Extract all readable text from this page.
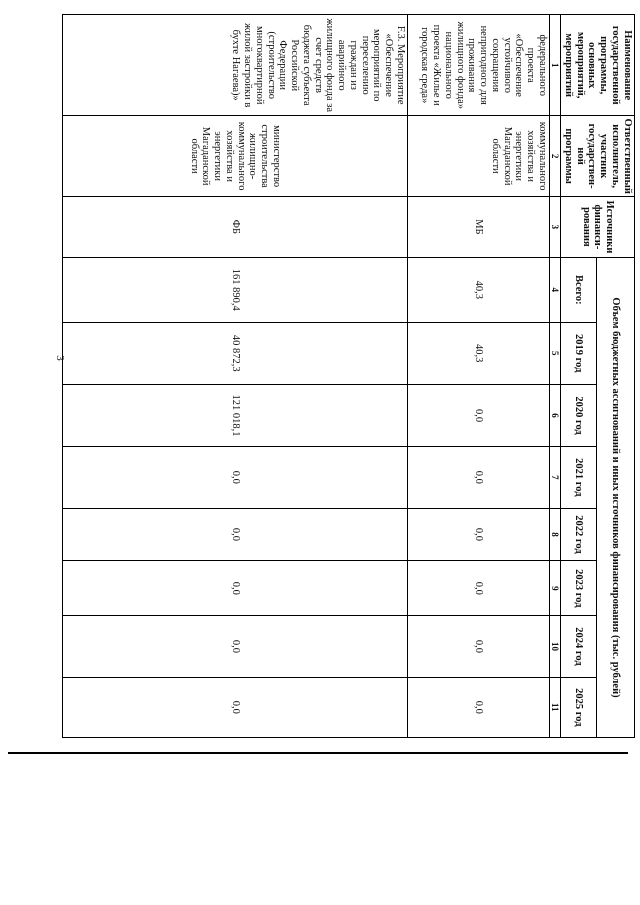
3
Наименование государственной программы, основных мероприятий, мероприятий	Ответственный исполнитель, участник государствен-ной программы	Источники финанси-рования	Объем бюджетных ассигнований и иных источников финансирования (тыс. рублей)							
			Всего:	2019 год	2020 год	2021 год	2022 год	2023 год	2024 год	2025 год
1	2	3	4	5	6	7	8	9	10	11
федерального проекта «Обеспечение устойчивого сокращения непригодного для проживания жилищного фонда» национального проекта «Жилье и городская среда»	коммунального хозяйства и энергетики Магаданской области	МБ	40,3	40,3	0,0	0,0	0,0	0,0	0,0	0,0
F.3. Мероприятие «Обеспечение мероприятий по переселению граждан из аварийного жилищного фонда за счет средств бюджета субъекта Российской Федерации (строительство многоквартирной жилой застройки в бухте Нагаева)»	министерство строительства жилищно-коммунального хозяйства и энергетики Магаданской области	ФБ	161 890,4	40 872,3	121 018,1	0,0	0,0	0,0	0,0	0,0
